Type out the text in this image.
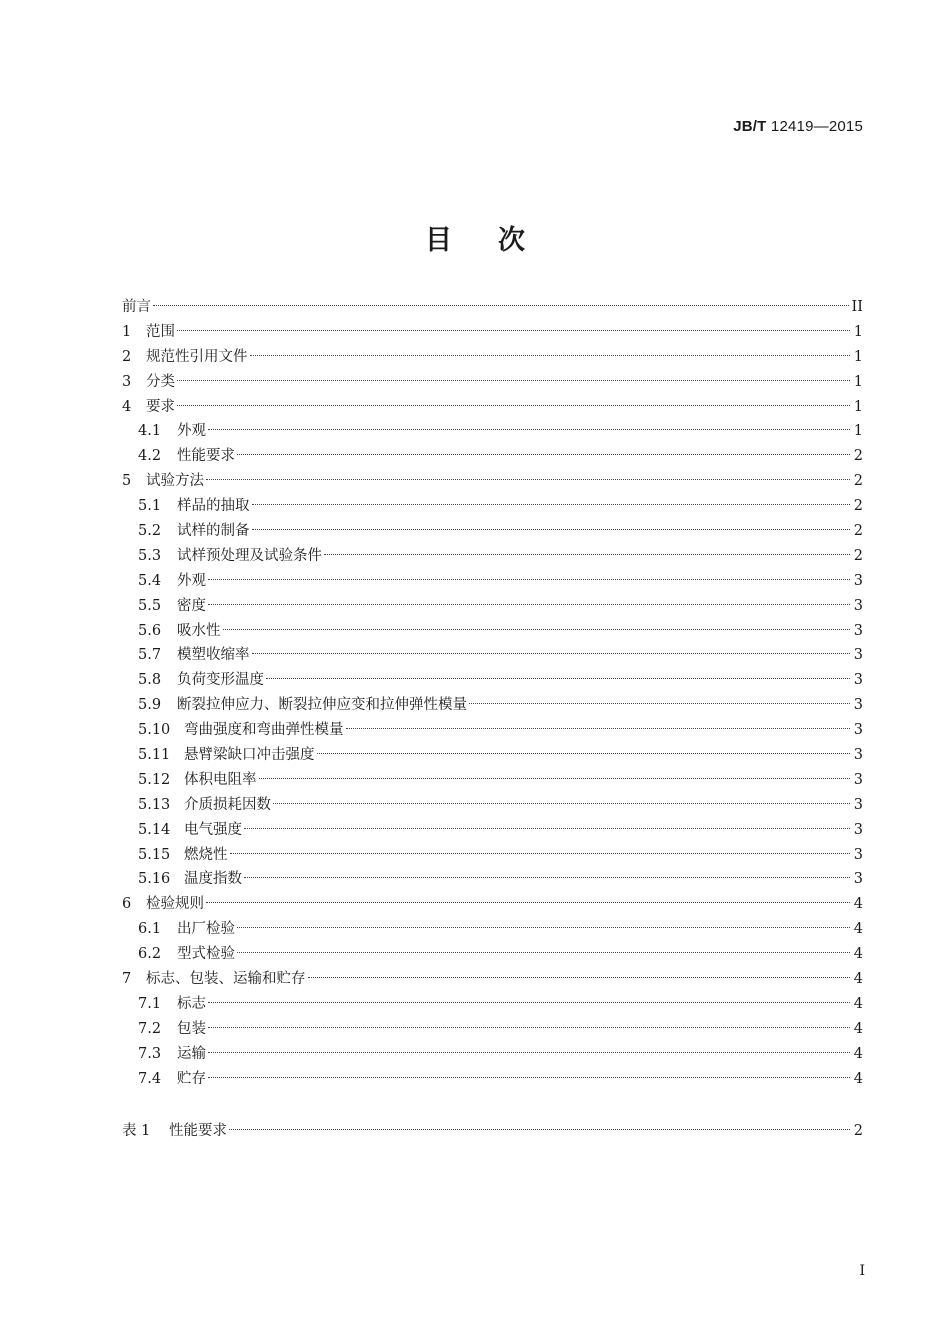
JB/T 12419—2015
目 次
前言	II
1	范围	1
2	规范性引用文件	1
3	分类	1
4	要求	1
4.1	外观	1
4.2	性能要求	2
5	试验方法	2
5.1	样品的抽取	2
5.2	试样的制备	2
5.3	试样预处理及试验条件	2
5.4	外观	3
5.5	密度	3
5.6	吸水性	3
5.7	模塑收缩率	3
5.8	负荷变形温度	3
5.9	断裂拉伸应力、断裂拉伸应变和拉伸弹性模量	3
5.10 弯曲强度和弯曲弹性模量	3
5.11 悬臂梁缺口冲击强度	3
5.12 体积电阻率	3
5.13 介质损耗因数	3
5.14 电气强度	3
5.15 燃烧性	3
5.16 温度指数	3
6	检验规则	4
6.1	出厂检验	4
6.2	型式检验	4
7	标志、包装、运输和贮存	4
7.1	标志	4
7.2	包装	4
7.3	运输	4
7.4	贮存	4
表 1	性能要求	2
I
